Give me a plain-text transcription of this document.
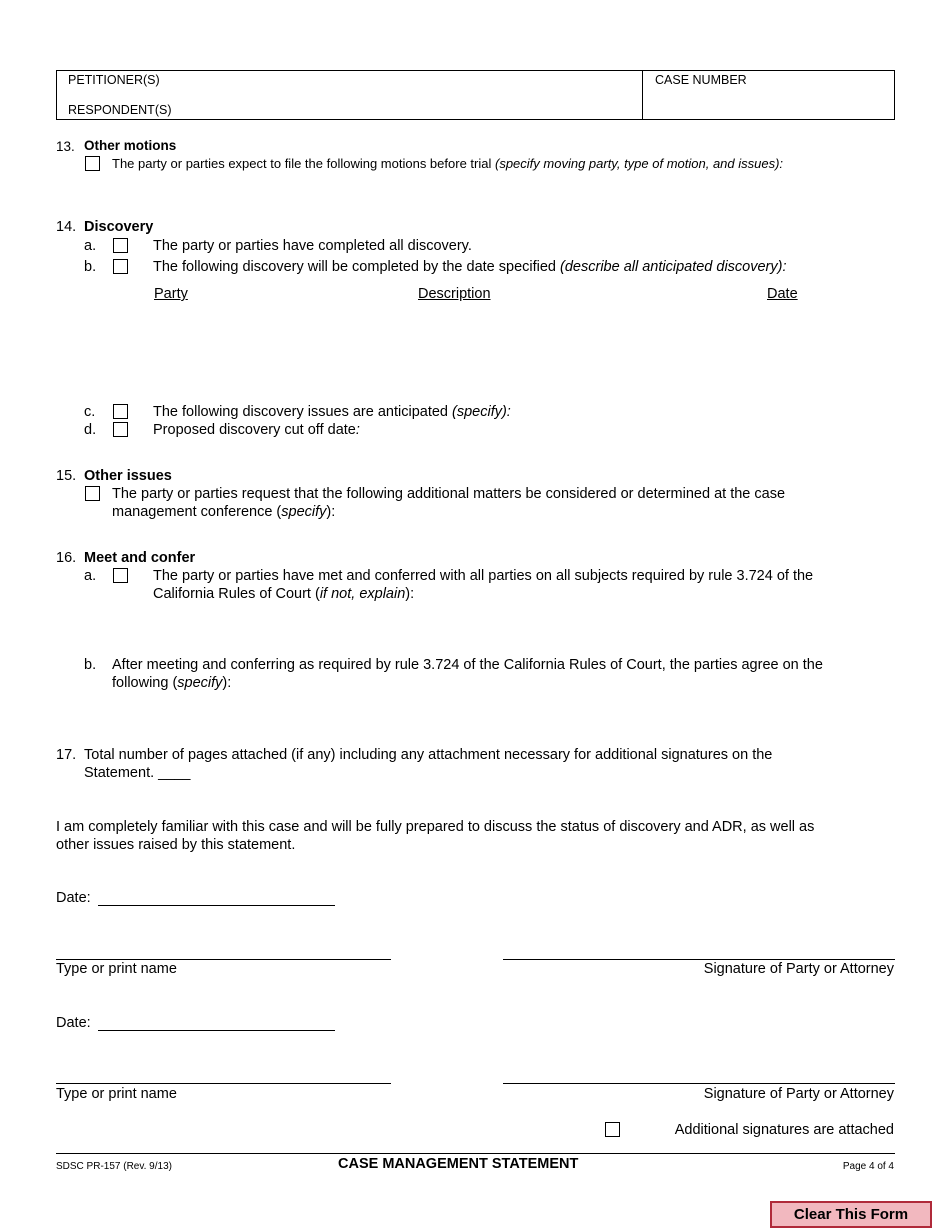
PETITIONER(S)
RESPONDENT(S)
CASE NUMBER
13. Other motions
The party or parties expect to file the following motions before trial (specify moving party, type of motion, and issues):
14. Discovery
a.	The party or parties have completed all discovery.
b.	The following discovery will be completed by the date specified (describe all anticipated discovery):
Party	Description	Date
c.	The following discovery issues are anticipated (specify):
d.	Proposed discovery cut off date:
15. Other issues
The party or parties request that the following additional matters be considered or determined at the case
management conference (specify):
16. Meet and confer
a.	The party or parties have met and conferred with all parties on all subjects required by rule 3.724 of the
California Rules of Court (if not, explain):
b. After meeting and conferring as required by rule 3.724 of the California Rules of Court, the parties agree on the
following (specify):
17. Total number of pages attached (if any) including any attachment necessary for additional signatures on the
Statement. ____
I am completely familiar with this case and will be fully prepared to discuss the status of discovery and ADR, as well as
other issues raised by this statement.
Date:
Type or print name	Signature of Party or Attorney
Date:
Type or print name	Signature of Party or Attorney
Additional signatures are attached
SDSC PR-157 (Rev. 9/13)	CASE MANAGEMENT STATEMENT	Page 4 of 4
Clear This Form
